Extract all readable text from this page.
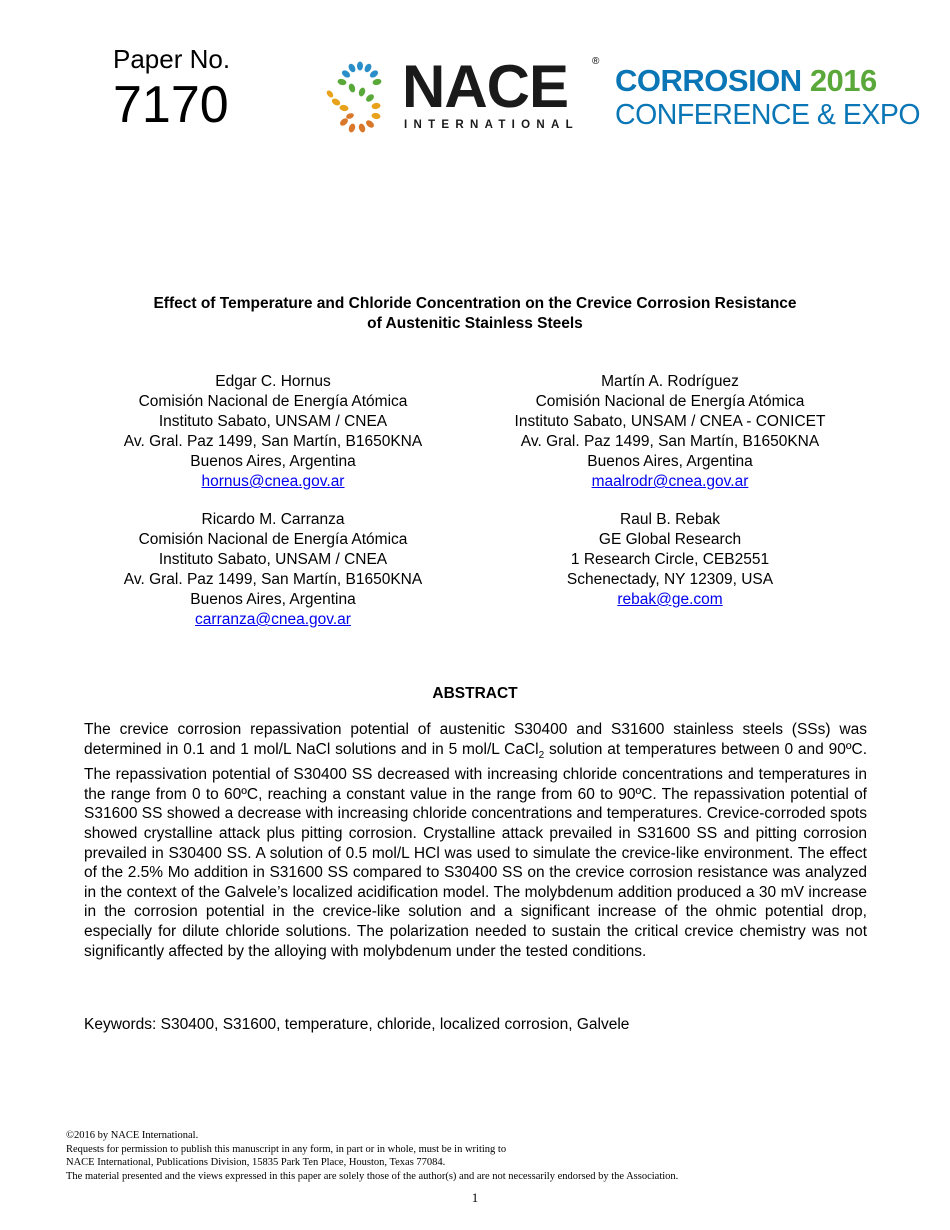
Paper No.
7170	NACE ®
INTERNATIONAL
CORROSION 2016
CONFERENCE & EXPO
Effect of Temperature and Chloride Concentration on the Crevice Corrosion Resistance
of Austenitic Stainless Steels
Edgar C. Hornus
Comisión Nacional de Energía Atómica
Instituto Sabato, UNSAM / CNEA
Av. Gral. Paz 1499, San Martín, B1650KNA
Buenos Aires, Argentina
hornus@cnea.gov.ar
Martín A. Rodríguez
Comisión Nacional de Energía Atómica
Instituto Sabato, UNSAM / CNEA - CONICET
Av. Gral. Paz 1499, San Martín, B1650KNA
Buenos Aires, Argentina
maalrodr@cnea.gov.ar
Ricardo M. Carranza
Comisión Nacional de Energía Atómica
Instituto Sabato, UNSAM / CNEA
Av. Gral. Paz 1499, San Martín, B1650KNA
Buenos Aires, Argentina
carranza@cnea.gov.ar
Raul B. Rebak
GE Global Research
1 Research Circle, CEB2551
Schenectady, NY 12309, USA
rebak@ge.com
ABSTRACT
The crevice corrosion repassivation potential of austenitic S30400 and S31600 stainless steels (SSs) was determined in 0.1 and 1 mol/L NaCl solutions and in 5 mol/L CaCl$_2$ solution at temperatures between 0 and 90ºC. The repassivation potential of S30400 SS decreased with increasing chloride concentrations and temperatures in the range from 0 to 60ºC, reaching a constant value in the range from 60 to 90ºC. The repassivation potential of S31600 SS showed a decrease with increasing chloride concentrations and temperatures. Crevice-corroded spots showed crystalline attack plus pitting corrosion. Crystalline attack prevailed in S31600 SS and pitting corrosion prevailed in S30400 SS. A solution of 0.5 mol/L HCl was used to simulate the crevice-like environment. The effect of the 2.5% Mo addition in S31600 SS compared to S30400 SS on the crevice corrosion resistance was analyzed in the context of the Galvele’s localized acidification model. The molybdenum addition produced a 30 mV increase in the corrosion potential in the crevice-like solution and a significant increase of the ohmic potential drop, especially for dilute chloride solutions. The polarization needed to sustain the critical crevice chemistry was not significantly affected by the alloying with molybdenum under the tested conditions.
Keywords: S30400, S31600, temperature, chloride, localized corrosion, Galvele
©2016 by NACE International.
Requests for permission to publish this manuscript in any form, in part or in whole, must be in writing to
NACE International, Publications Division, 15835 Park Ten Place, Houston, Texas 77084.
The material presented and the views expressed in this paper are solely those of the author(s) and are not necessarily endorsed by the Association.
1
